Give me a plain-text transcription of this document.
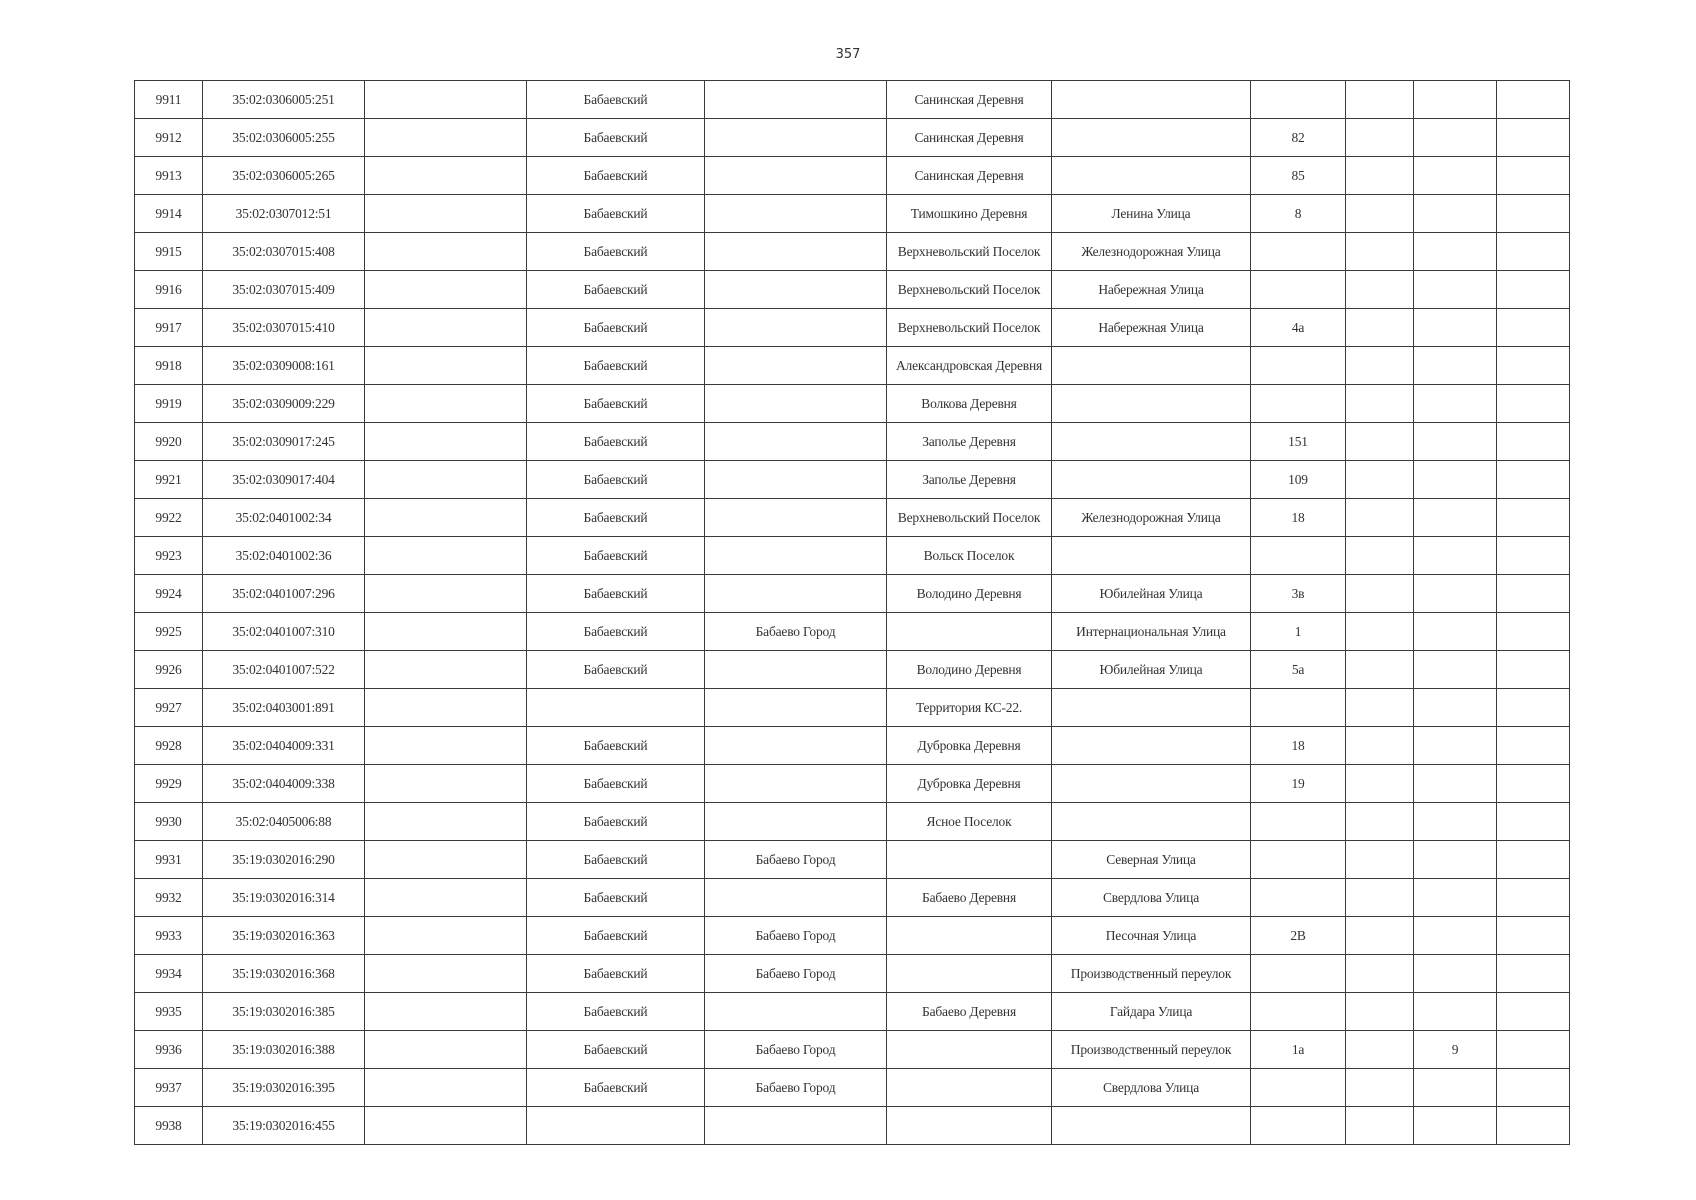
357
9911	35:02:0306005:251		Бабаевский		Санинская Деревня					
9912	35:02:0306005:255		Бабаевский		Санинская Деревня		82			
9913	35:02:0306005:265		Бабаевский		Санинская Деревня		85			
9914	35:02:0307012:51		Бабаевский		Тимошкино Деревня	Ленина Улица	8			
9915	35:02:0307015:408		Бабаевский		Верхневольский Поселок	Железнодорожная Улица				
9916	35:02:0307015:409		Бабаевский		Верхневольский Поселок	Набережная Улица				
9917	35:02:0307015:410		Бабаевский		Верхневольский Поселок	Набережная Улица	4а			
9918	35:02:0309008:161		Бабаевский		Александровская Деревня					
9919	35:02:0309009:229		Бабаевский		Волкова Деревня					
9920	35:02:0309017:245		Бабаевский		Заполье Деревня		151			
9921	35:02:0309017:404		Бабаевский		Заполье Деревня		109			
9922	35:02:0401002:34		Бабаевский		Верхневольский Поселок	Железнодорожная Улица	18			
9923	35:02:0401002:36		Бабаевский		Вольск Поселок					
9924	35:02:0401007:296		Бабаевский		Володино Деревня	Юбилейная Улица	3в			
9925	35:02:0401007:310		Бабаевский	Бабаево Город		Интернациональная Улица	1			
9926	35:02:0401007:522		Бабаевский		Володино Деревня	Юбилейная Улица	5а			
9927	35:02:0403001:891				Территория КС-22.					
9928	35:02:0404009:331		Бабаевский		Дубровка Деревня		18			
9929	35:02:0404009:338		Бабаевский		Дубровка Деревня		19			
9930	35:02:0405006:88		Бабаевский		Ясное Поселок					
9931	35:19:0302016:290		Бабаевский	Бабаево Город		Северная Улица				
9932	35:19:0302016:314		Бабаевский		Бабаево Деревня	Свердлова Улица				
9933	35:19:0302016:363		Бабаевский	Бабаево Город		Песочная Улица	2В			
9934	35:19:0302016:368		Бабаевский	Бабаево Город		Производственный переулок				
9935	35:19:0302016:385		Бабаевский		Бабаево Деревня	Гайдара Улица				
9936	35:19:0302016:388		Бабаевский	Бабаево Город		Производственный переулок	1а		9	
9937	35:19:0302016:395		Бабаевский	Бабаево Город		Свердлова Улица				
9938	35:19:0302016:455									
